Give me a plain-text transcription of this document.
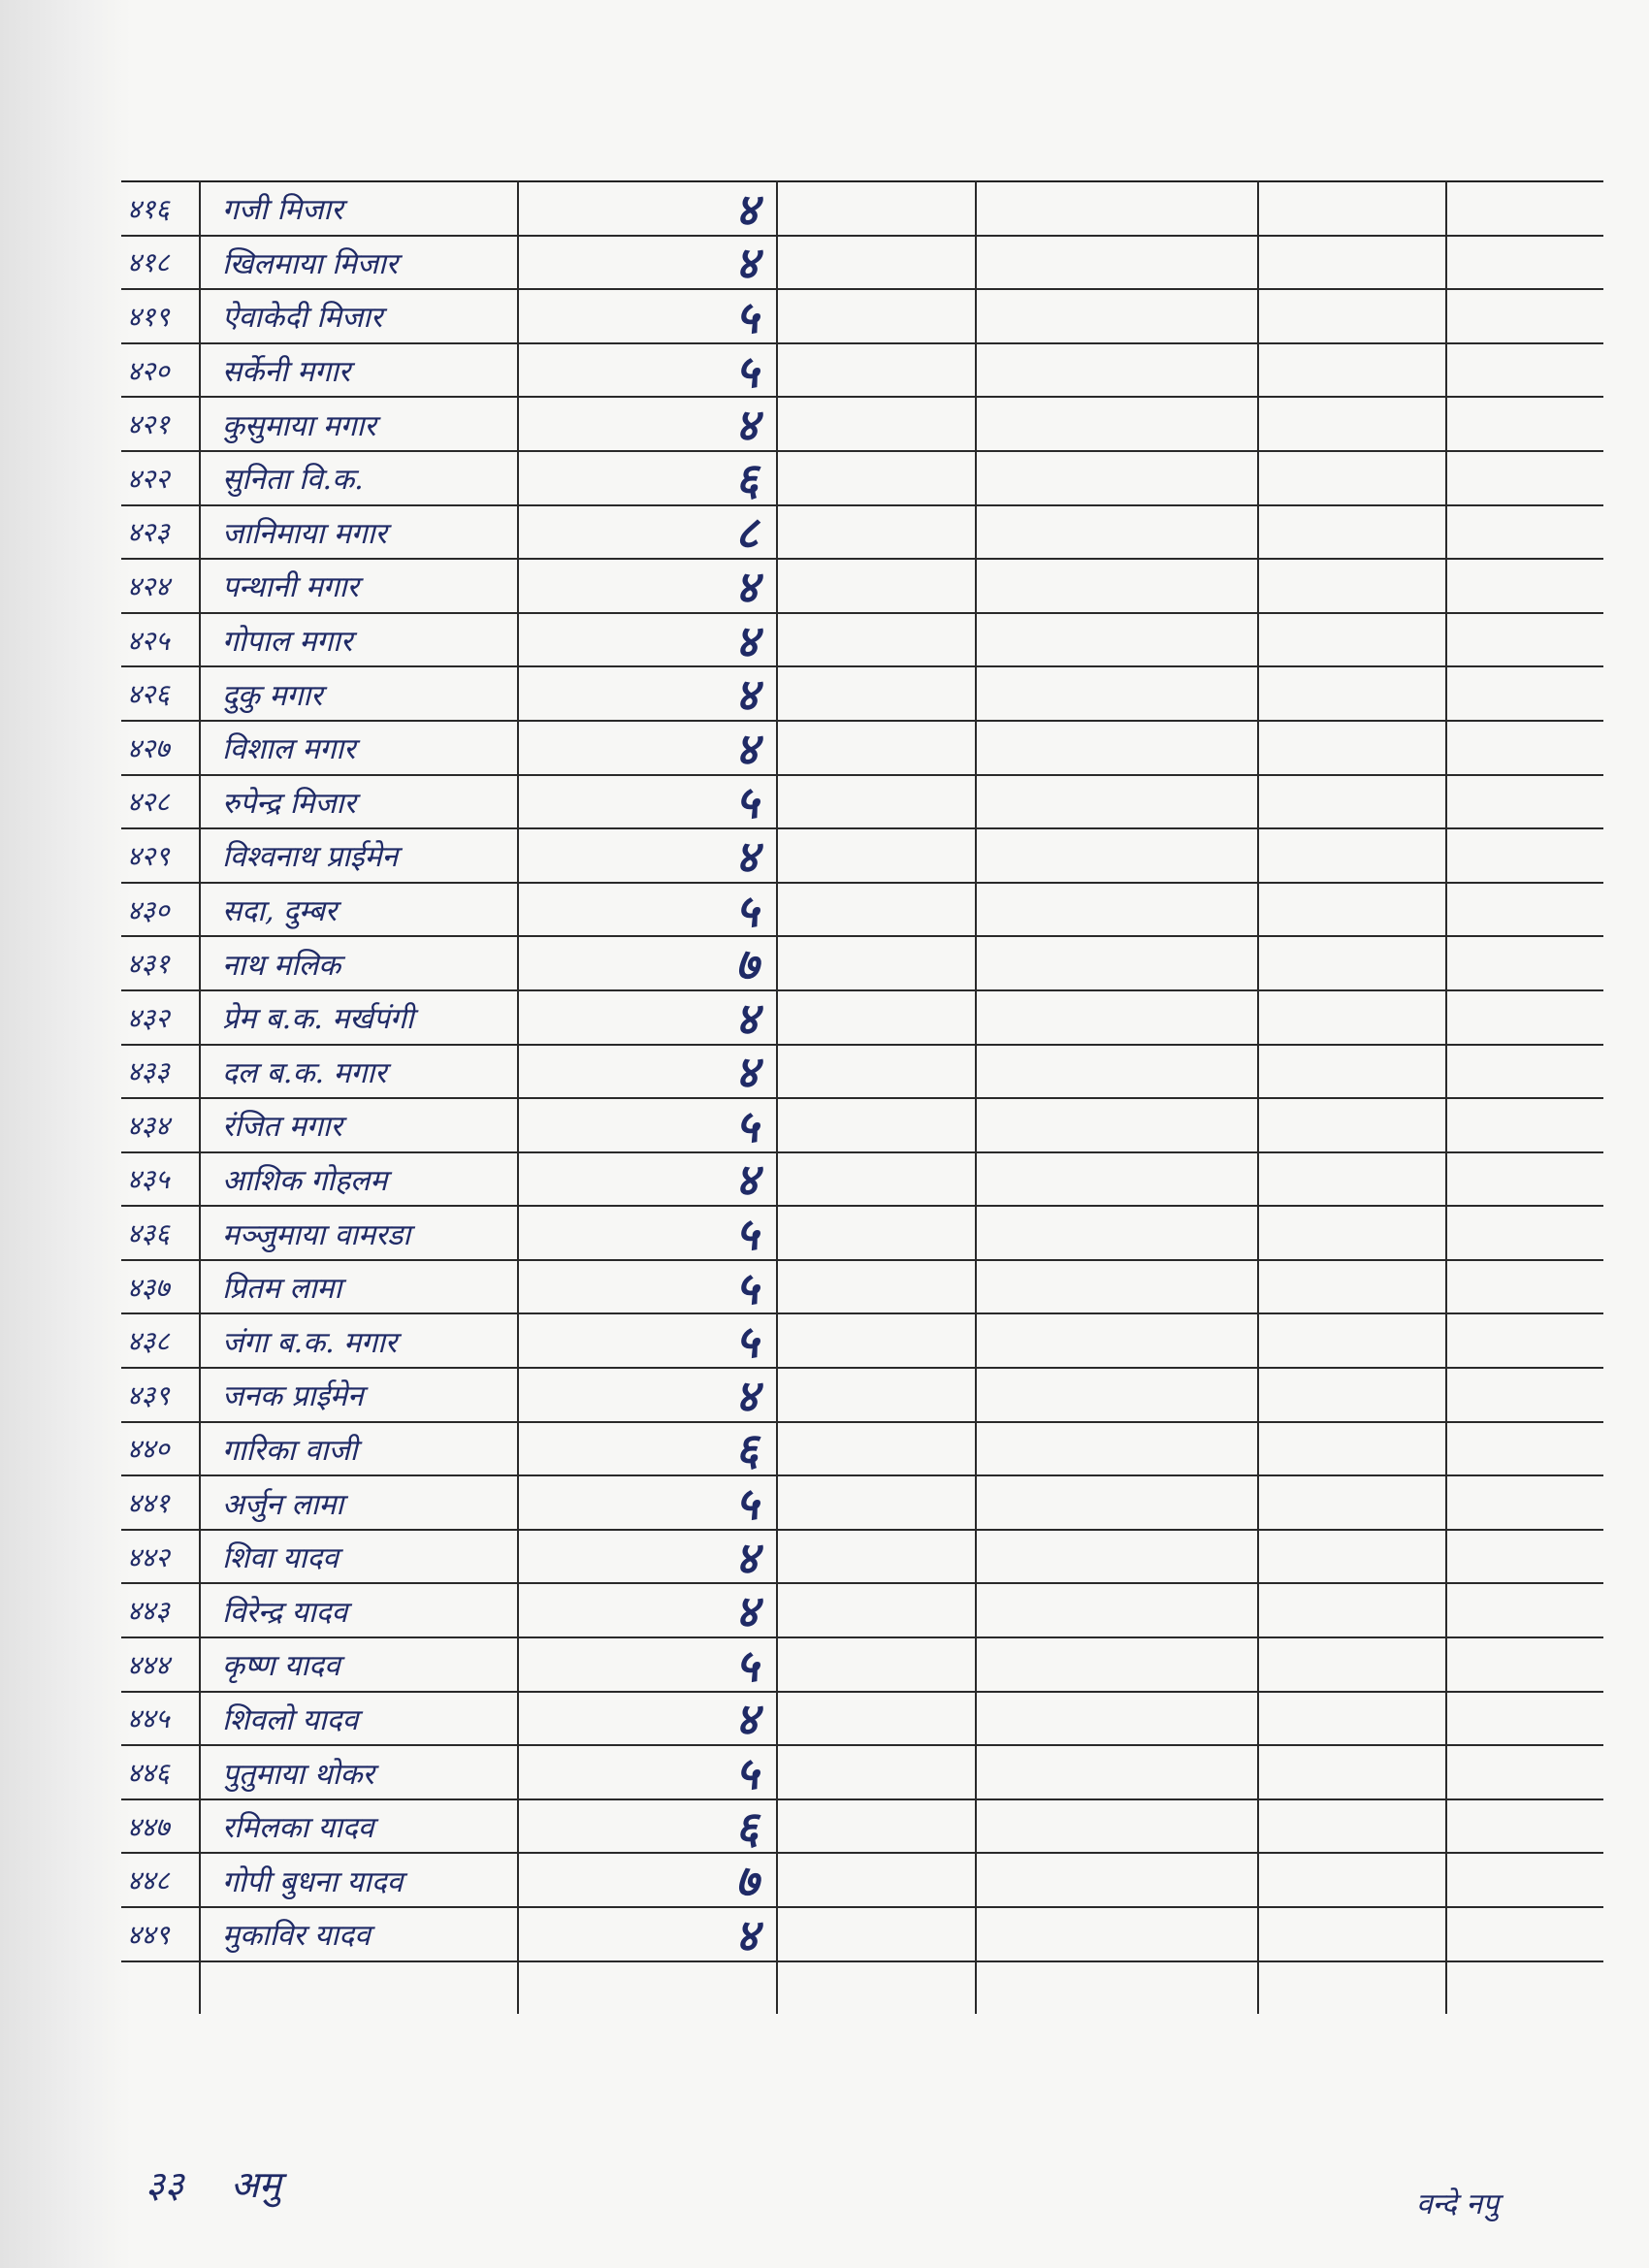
४१६	गजी मिजार	४
४१८	खिलमाया मिजार	४
४१९	ऐवाकेदी मिजार	५
४२०	सर्केनी मगार	५
४२१	कुसुमाया मगार	४
४२२	सुनिता वि.क.	६
४२३	जानिमाया मगार	८
४२४	पन्थानी मगार	४
४२५	गोपाल मगार	४
४२६	दुकु मगार	४
४२७	विशाल मगार	४
४२८	रुपेन्द्र मिजार	५
४२९	विश्वनाथ प्राईमेन	४
४३०	सदा, दुम्बर	५
४३१	नाथ मलिक	७
४३२	प्रेम ब.क. मर्खपंगी	४
४३३	दल ब.क. मगार	४
४३४	रंजित मगार	५
४३५	आशिक गोहलम	४
४३६	मञ्जुमाया वामरडा	५
४३७	प्रितम लामा	५
४३८	जंगा ब.क. मगार	५
४३९	जनक प्राईमेन	४
४४०	गारिका वाजी	६
४४१	अर्जुन लामा	५
४४२	शिवा यादव	४
४४३	विरेन्द्र यादव	४
४४४	कृष्ण यादव	५
४४५	शिवलो यादव	४
४४६	पुतुमाया थोकर	५
४४७	रमिलका यादव	६
४४८	गोपी बुधना यादव	७
४४९	मुकाविर यादव	४
३३ अमु	वन्दे नपु
